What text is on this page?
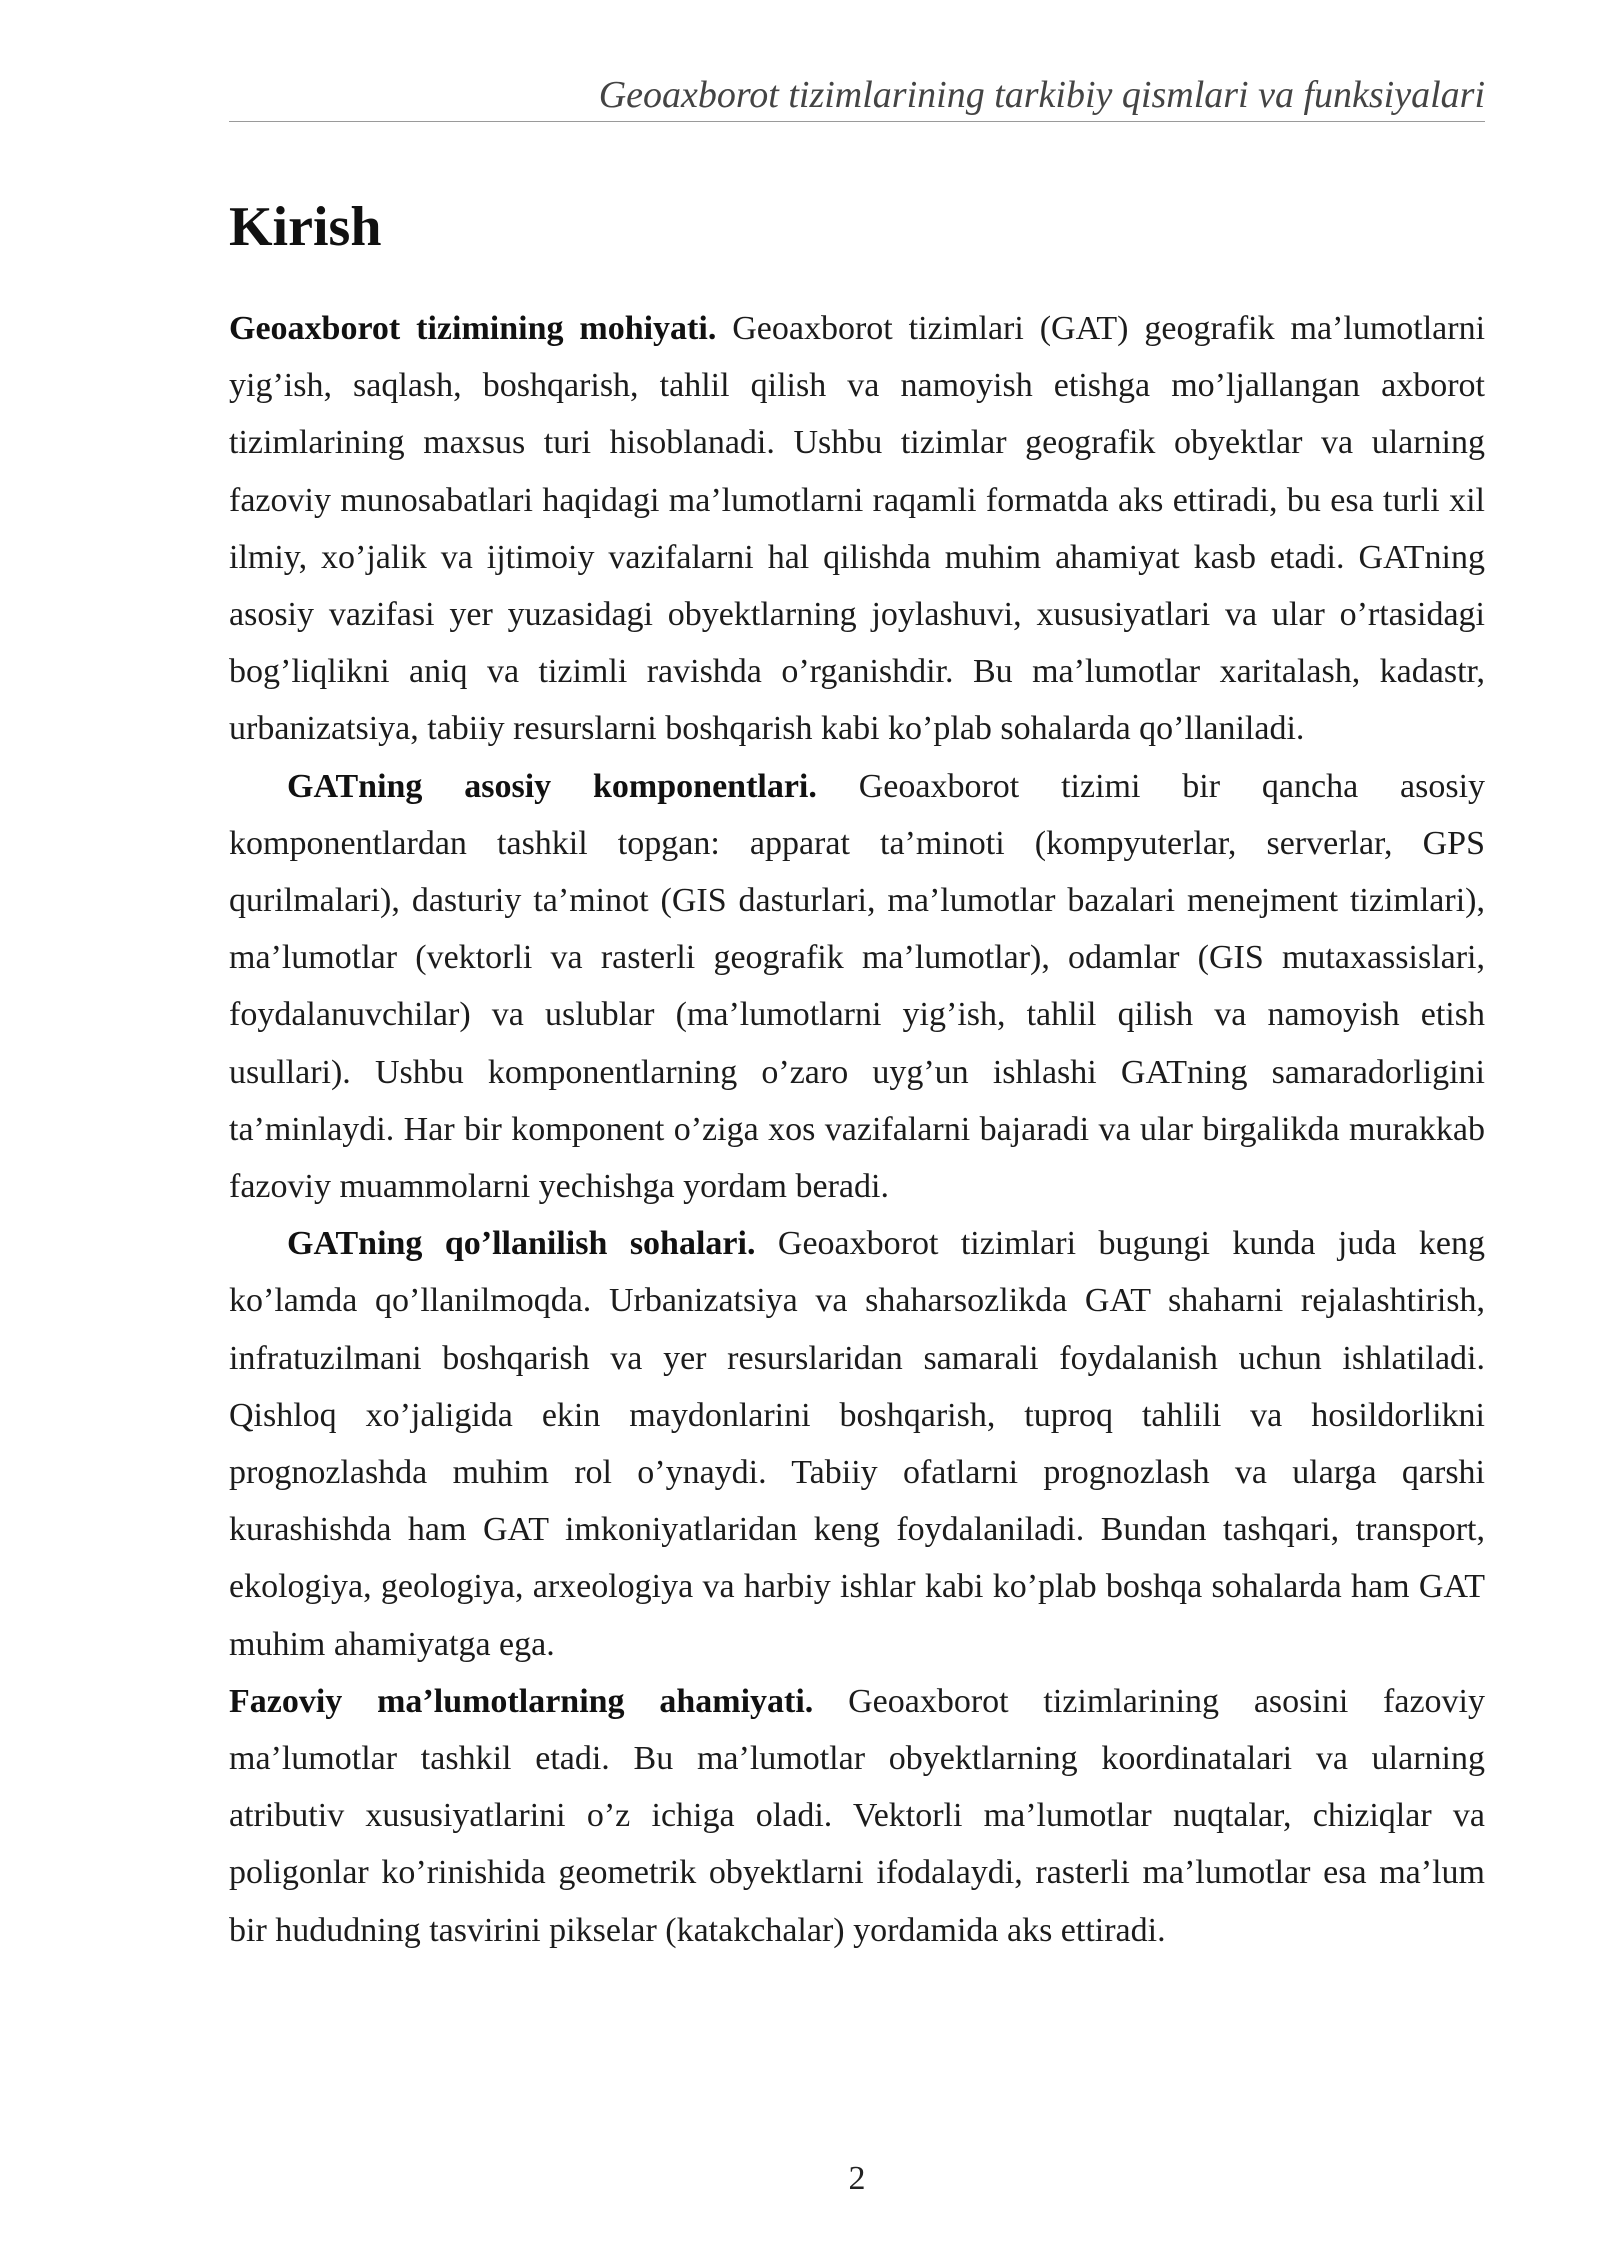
Geoaxborot tizimlarining tarkibiy qismlari va funksiyalari
Kirish

Geoaxborot tizimining mohiyati. Geoaxborot tizimlari (GAT) geografik ma’lumotlarni yig’ish, saqlash, boshqarish, tahlil qilish va namoyish etishga mo’ljallangan axborot tizimlarining maxsus turi hisoblanadi. Ushbu tizimlar geografik obyektlar va ularning fazoviy munosabatlari haqidagi ma’lumotlarni raqamli formatda aks ettiradi, bu esa turli xil ilmiy, xo’jalik va ijtimoiy vazifalarni hal qilishda muhim ahamiyat kasb etadi. GATning asosiy vazifasi yer yuzasidagi obyektlarning joylashuvi, xususiyatlari va ular o’rtasidagi bog’liqlikni aniq va tizimli ravishda o’rganishdir. Bu ma’lumotlar xaritalash, kadastr, urbanizatsiya, tabiiy resurslarni boshqarish kabi ko’plab sohalarda qo’llaniladi.

GATning asosiy komponentlari. Geoaxborot tizimi bir qancha asosiy komponentlardan tashkil topgan: apparat ta’minoti (kompyuterlar, serverlar, GPS qurilmalari), dasturiy ta’minot (GIS dasturlari, ma’lumotlar bazalari menejment tizimlari), ma’lumotlar (vektorli va rasterli geografik ma’lumotlar), odamlar (GIS mutaxassislari, foydalanuvchilar) va uslublar (ma’lumotlarni yig’ish, tahlil qilish va namoyish etish usullari). Ushbu komponentlarning o’zaro uyg’un ishlashi GATning samaradorligini ta’minlaydi. Har bir komponent o’ziga xos vazifalarni bajaradi va ular birgalikda murakkab fazoviy muammolarni yechishga yordam beradi.

GATning qo’llanilish sohalari. Geoaxborot tizimlari bugungi kunda juda keng ko’lamda qo’llanilmoqda. Urbanizatsiya va shaharsozlikda GAT shaharni rejalashtirish, infratuzilmani boshqarish va yer resurslaridan samarali foydalanish uchun ishlatiladi. Qishloq xo’jaligida ekin maydonlarini boshqarish, tuproq tahlili va hosildorlikni prognozlashda muhim rol o’ynaydi. Tabiiy ofatlarni prognozlash va ularga qarshi kurashishda ham GAT imkoniyatlaridan keng foydalaniladi. Bundan tashqari, transport, ekologiya, geologiya, arxeologiya va harbiy ishlar kabi ko’plab boshqa sohalarda ham GAT muhim ahamiyatga ega.

Fazoviy ma’lumotlarning ahamiyati. Geoaxborot tizimlarining asosini fazoviy ma’lumotlar tashkil etadi. Bu ma’lumotlar obyektlarning koordinatalari va ularning atributiv xususiyatlarini o’z ichiga oladi. Vektorli ma’lumotlar nuqtalar, chiziqlar va poligonlar ko’rinishida geometrik obyektlarni ifodalaydi, rasterli ma’lumotlar esa ma’lum bir hududning tasvirini pikselar (katakchalar) yordamida aks ettiradi.

2
